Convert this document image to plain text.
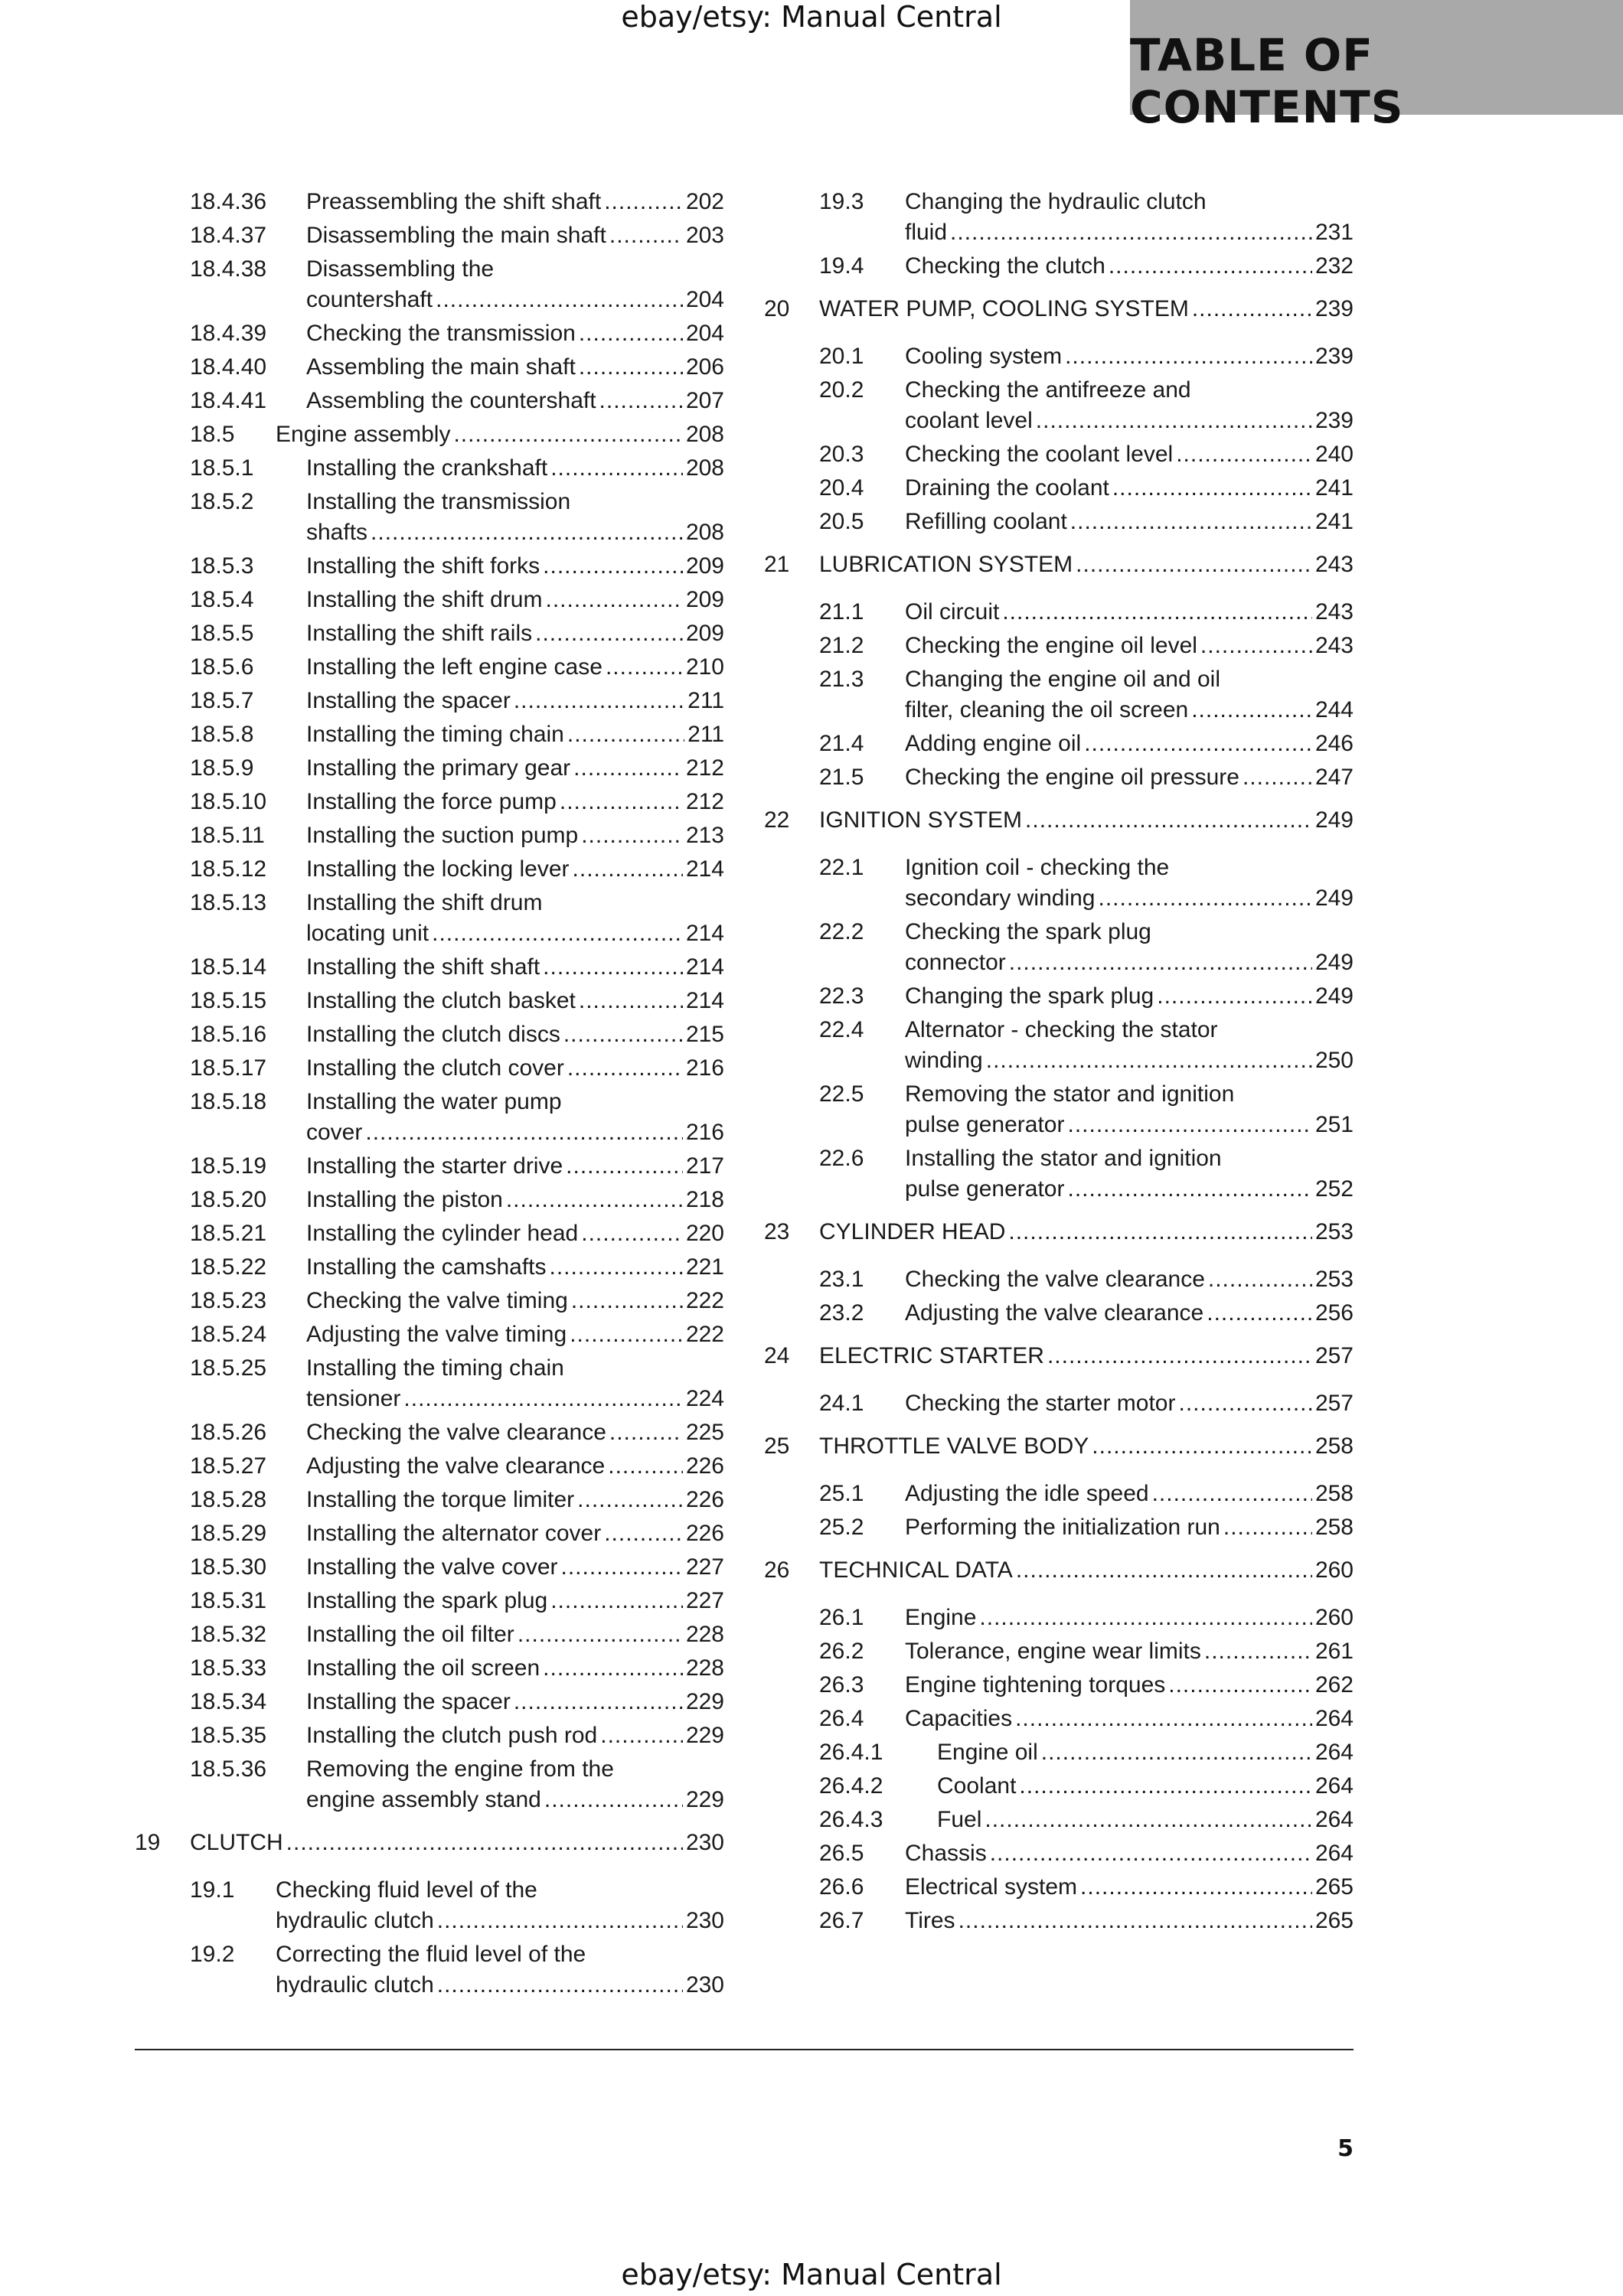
ebay/etsy: Manual Central
TABLE OF CONTENTS
18.4.36 Preassembling the shift shaft .....	202
18.4.37 Disassembling the main shaft .....	203
18.4.38 Disassembling the
countershaft .....	204
18.4.39 Checking the transmission .....	204
18.4.40 Assembling the main shaft .....	206
18.4.41 Assembling the countershaft .....	207
18.5 Engine assembly .....	208
18.5.1 Installing the crankshaft .....	208
18.5.2 Installing the transmission
shafts .....	208
18.5.3 Installing the shift forks .....	209
18.5.4 Installing the shift drum .....	209
18.5.5 Installing the shift rails .....	209
18.5.6 Installing the left engine case .....	210
18.5.7 Installing the spacer .....	211
18.5.8 Installing the timing chain .....	211
18.5.9 Installing the primary gear .....	212
18.5.10 Installing the force pump .....	212
18.5.11 Installing the suction pump .....	213
18.5.12 Installing the locking lever .....	214
18.5.13 Installing the shift drum
locating unit .....	214
18.5.14 Installing the shift shaft .....	214
18.5.15 Installing the clutch basket .....	214
18.5.16 Installing the clutch discs .....	215
18.5.17 Installing the clutch cover .....	216
18.5.18 Installing the water pump
cover .....	216
18.5.19 Installing the starter drive .....	217
18.5.20 Installing the piston .....	218
18.5.21 Installing the cylinder head .....	220
18.5.22 Installing the camshafts .....	221
18.5.23 Checking the valve timing .....	222
18.5.24 Adjusting the valve timing .....	222
18.5.25 Installing the timing chain
tensioner .....	224
18.5.26 Checking the valve clearance .....	225
18.5.27 Adjusting the valve clearance .....	226
18.5.28 Installing the torque limiter .....	226
18.5.29 Installing the alternator cover .....	226
18.5.30 Installing the valve cover .....	227
18.5.31 Installing the spark plug .....	227
18.5.32 Installing the oil filter .....	228
18.5.33 Installing the oil screen .....	228
18.5.34 Installing the spacer .....	229
18.5.35 Installing the clutch push rod .....	229
18.5.36 Removing the engine from the
engine assembly stand .....	229
19 CLUTCH .....	230
19.1 Checking fluid level of the
hydraulic clutch .....	230
19.2 Correcting the fluid level of the
hydraulic clutch .....	230
19.3 Changing the hydraulic clutch
fluid .....	231
19.4 Checking the clutch .....	232
20 WATER PUMP, COOLING SYSTEM .....	239
20.1 Cooling system .....	239
20.2 Checking the antifreeze and
coolant level .....	239
20.3 Checking the coolant level .....	240
20.4 Draining the coolant .....	241
20.5 Refilling coolant .....	241
21 LUBRICATION SYSTEM .....	243
21.1 Oil circuit .....	243
21.2 Checking the engine oil level .....	243
21.3 Changing the engine oil and oil
filter, cleaning the oil screen .....	244
21.4 Adding engine oil .....	246
21.5 Checking the engine oil pressure .....	247
22 IGNITION SYSTEM .....	249
22.1 Ignition coil - checking the
secondary winding .....	249
22.2 Checking the spark plug
connector .....	249
22.3 Changing the spark plug .....	249
22.4 Alternator - checking the stator
winding .....	250
22.5 Removing the stator and ignition
pulse generator .....	251
22.6 Installing the stator and ignition
pulse generator .....	252
23 CYLINDER HEAD .....	253
23.1 Checking the valve clearance .....	253
23.2 Adjusting the valve clearance .....	256
24 ELECTRIC STARTER .....	257
24.1 Checking the starter motor .....	257
25 THROTTLE VALVE BODY .....	258
25.1 Adjusting the idle speed .....	258
25.2 Performing the initialization run .....	258
26 TECHNICAL DATA .....	260
26.1 Engine .....	260
26.2 Tolerance, engine wear limits .....	261
26.3 Engine tightening torques .....	262
26.4 Capacities .....	264
26.4.1 Engine oil .....	264
26.4.2 Coolant .....	264
26.4.3 Fuel .....	264
26.5 Chassis .....	264
26.6 Electrical system .....	265
26.7 Tires .....	265
5
ebay/etsy: Manual Central
